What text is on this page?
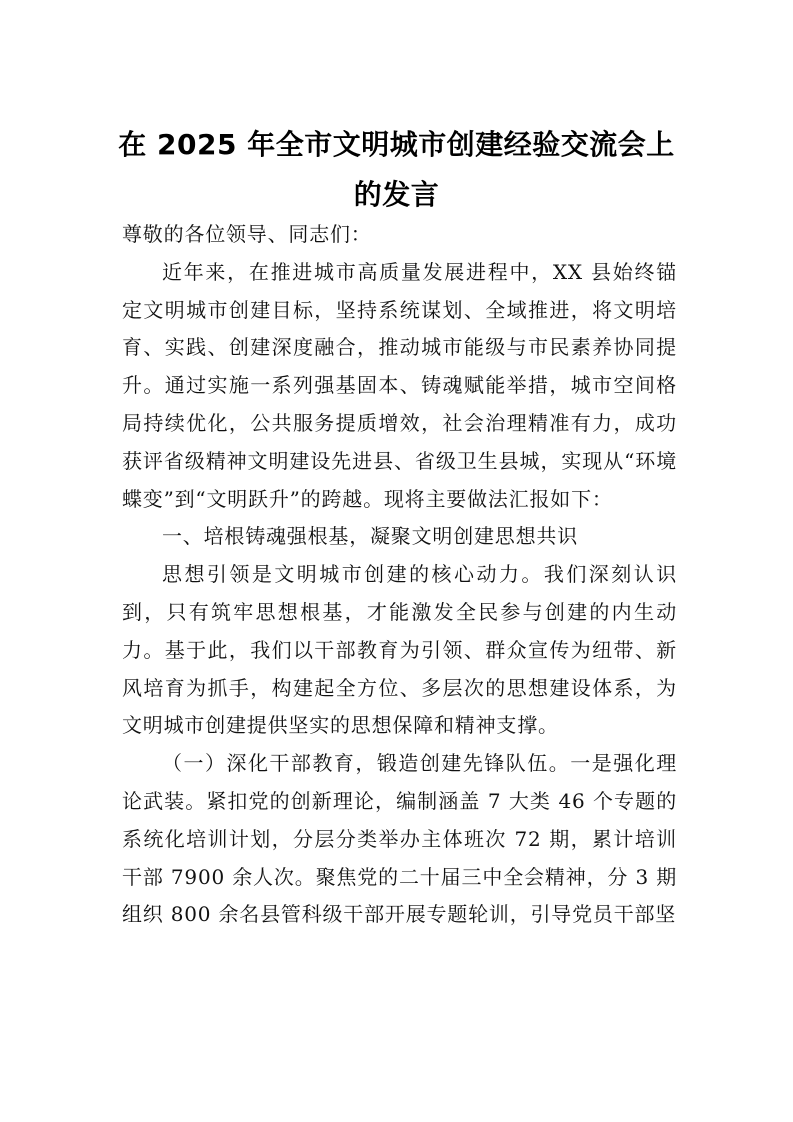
在 2025 年全市文明城市创建经验交流会上
的发言

尊敬的各位领导、同志们：

近年来，在推进城市高质量发展进程中，XX 县始终锚定文明城市创建目标，坚持系统谋划、全域推进，将文明培育、实践、创建深度融合，推动城市能级与市民素养协同提升。通过实施一系列强基固本、铸魂赋能举措，城市空间格局持续优化，公共服务提质增效，社会治理精准有力，成功获评省级精神文明建设先进县、省级卫生县城，实现从“环境蝶变”到“文明跃升”的跨越。现将主要做法汇报如下：

一、培根铸魂强根基，凝聚文明创建思想共识

思想引领是文明城市创建的核心动力。我们深刻认识到，只有筑牢思想根基，才能激发全民参与创建的内生动力。基于此，我们以干部教育为引领、群众宣传为纽带、新风培育为抓手，构建起全方位、多层次的思想建设体系，为文明城市创建提供坚实的思想保障和精神支撑。

（一）深化干部教育，锻造创建先锋队伍。一是强化理论武装。紧扣党的创新理论，编制涵盖 7 大类 46 个专题的系统化培训计划，分层分类举办主体班次 72 期，累计培训干部 7900 余人次。聚焦党的二十届三中全会精神，分 3 期组织 800 余名县管科级干部开展专题轮训，引导党员干部坚
